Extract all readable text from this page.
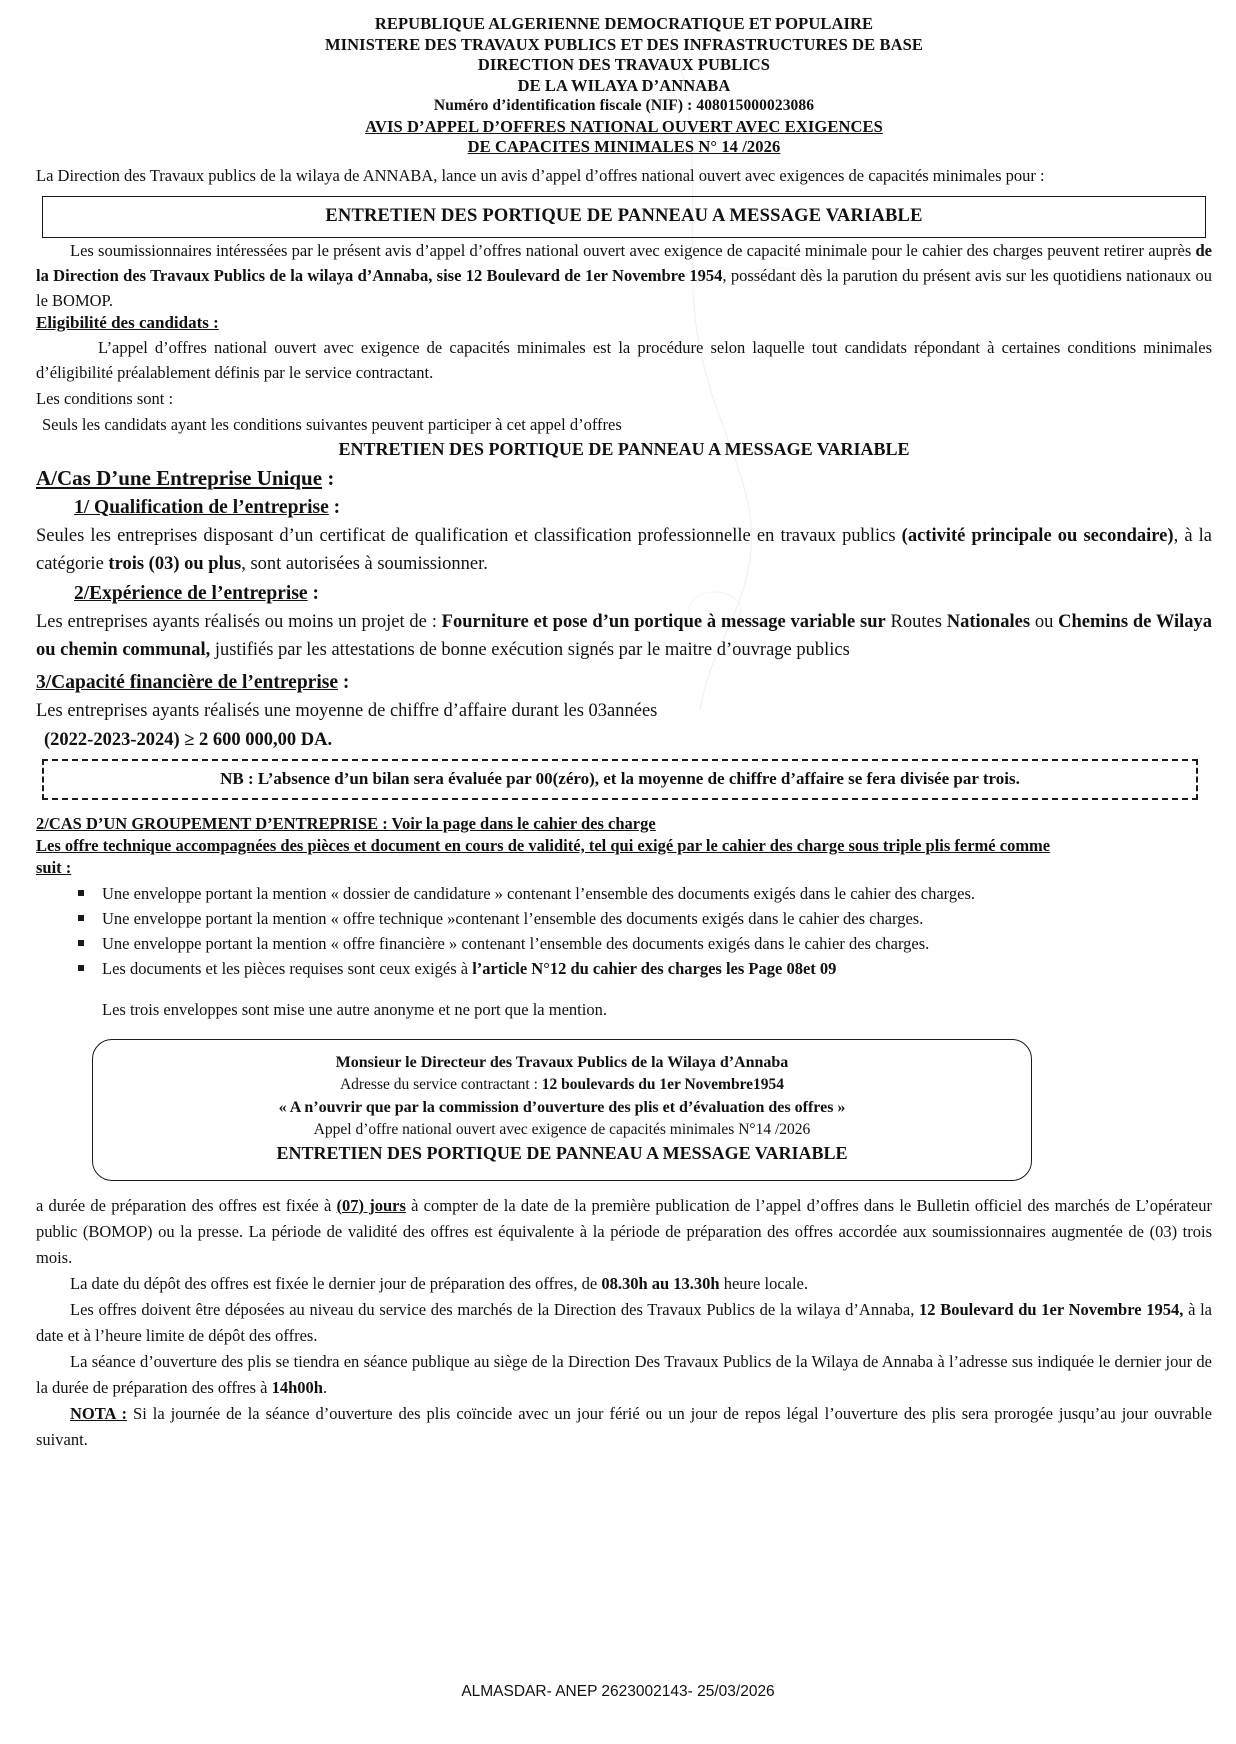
REPUBLIQUE ALGERIENNE DEMOCRATIQUE ET POPULAIRE
MINISTERE DES TRAVAUX PUBLICS ET DES INFRASTRUCTURES DE BASE
DIRECTION DES TRAVAUX PUBLICS
DE LA WILAYA D’ANNABA
Numéro d’identification fiscale (NIF) : 408015000023086
AVIS D’APPEL D’OFFRES NATIONAL OUVERT AVEC EXIGENCES
DE CAPACITES MINIMALES N° 14 /2026

La Direction des Travaux publics de la wilaya de ANNABA, lance un avis d’appel d’offres national ouvert avec exigences de capacités minimales pour :

ENTRETIEN DES PORTIQUE DE PANNEAU A MESSAGE VARIABLE

Les soumissionnaires intéressées par le présent avis d’appel d’offres national ouvert avec exigence de capacité minimale pour le cahier des charges peuvent retirer auprès de la Direction des Travaux Publics de la wilaya d’Annaba, sise 12 Boulevard de 1er Novembre 1954, possédant dès la parution du présent avis sur les quotidiens nationaux ou le BOMOP.

Eligibilité des candidats :

L’appel d’offres national ouvert avec exigence de capacités minimales est la procédure selon laquelle tout candidats répondant à certaines conditions minimales d’éligibilité préalablement définis par le service contractant.

Les conditions sont :

Seuls les candidats ayant les conditions suivantes peuvent participer à cet appel d’offres

ENTRETIEN DES PORTIQUE DE PANNEAU A MESSAGE VARIABLE
A/Cas D’une Entreprise Unique :
1/ Qualification de l’entreprise :

Seules les entreprises disposant d’un certificat de qualification et classification professionnelle en travaux publics (activité principale ou secondaire), à la catégorie trois (03) ou plus, sont autorisées à soumissionner.

2/Expérience de l’entreprise :

Les entreprises ayants réalisés ou moins un projet de : Fourniture et pose d’un portique à message variable sur Routes Nationales ou Chemins de Wilaya ou chemin communal, justifiés par les attestations de bonne exécution signés par le maitre d’ouvrage publics

3/Capacité financière de l’entreprise :

Les entreprises ayants réalisés une moyenne de chiffre d’affaire durant les 03années

(2022-2023-2024) ≥ 2 600 000,00 DA.

NB : L’absence d’un bilan sera évaluée par 00(zéro), et la moyenne de chiffre d’affaire se fera divisée par trois.
2/CAS D’UN GROUPEMENT D’ENTREPRISE : Voir la page dans le cahier des charge
Les offre technique accompagnées des pièces et document en cours de validité, tel qui exigé par le cahier des charge sous triple plis fermé comme
suit :
Une enveloppe portant la mention « dossier de candidature » contenant l’ensemble des documents exigés dans le cahier des charges.
Une enveloppe portant la mention « offre technique »contenant l’ensemble des documents exigés dans le cahier des charges.
Une enveloppe portant la mention « offre financière » contenant l’ensemble des documents exigés dans le cahier des charges.
Les documents et les pièces requises sont ceux exigés à l’article N°12 du cahier des charges les Page 08et 09

Les trois enveloppes sont mise une autre anonyme et ne port que la mention.

Monsieur le Directeur des Travaux Publics de la Wilaya d’Annaba
Adresse du service contractant : 12 boulevards du 1er Novembre1954
« A n’ouvrir que par la commission d’ouverture des plis et d’évaluation des offres »
Appel d’offre national ouvert avec exigence de capacités minimales N°14 /2026
ENTRETIEN DES PORTIQUE DE PANNEAU A MESSAGE VARIABLE

a durée de préparation des offres est fixée à (07) jours à compter de la date de la première publication de l’appel d’offres dans le Bulletin officiel des marchés de L’opérateur public (BOMOP) ou la presse. La période de validité des offres est équivalente à la période de préparation des offres accordée aux soumissionnaires augmentée de (03) trois mois.

La date du dépôt des offres est fixée le dernier jour de préparation des offres, de 08.30h au 13.30h heure locale.

Les offres doivent être déposées au niveau du service des marchés de la Direction des Travaux Publics de la wilaya d’Annaba, 12 Boulevard du 1er Novembre 1954, à la date et à l’heure limite de dépôt des offres.

La séance d’ouverture des plis se tiendra en séance publique au siège de la Direction Des Travaux Publics de la Wilaya de Annaba à l’adresse sus indiquée le dernier jour de la durée de préparation des offres à 14h00h.

NOTA : Si la journée de la séance d’ouverture des plis coïncide avec un jour férié ou un jour de repos légal l’ouverture des plis sera prorogée jusqu’au jour ouvrable suivant.

ALMASDAR- ANEP 2623002143- 25/03/2026
